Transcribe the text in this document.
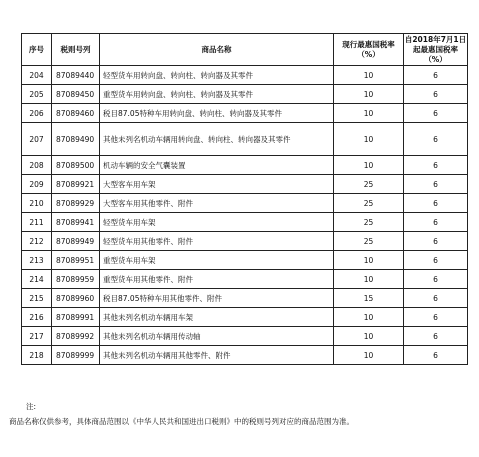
序号	税则号列	商品名称	现行最惠国税率（%）	自2018年7月1日起最惠国税率（%）
204	87089440	轻型货车用转向盘、转向柱、转向器及其零件	10	6
205	87089450	重型货车用转向盘、转向柱、转向器及其零件	10	6
206	87089460	税目87.05特种车用转向盘、转向柱、转向器及其零件	10	6
207	87089490	其他未列名机动车辆用转向盘、转向柱、转向器及其零件	10	6
208	87089500	机动车辆的安全气囊装置	10	6
209	87089921	大型客车用车架	25	6
210	87089929	大型客车用其他零件、附件	25	6
211	87089941	轻型货车用车架	25	6
212	87089949	轻型货车用其他零件、附件	25	6
213	87089951	重型货车用车架	10	6
214	87089959	重型货车用其他零件、附件	10	6
215	87089960	税目87.05特种车用其他零件、附件	15	6
216	87089991	其他未列名机动车辆用车架	10	6
217	87089992	其他未列名机动车辆用传动轴	10	6
218	87089999	其他未列名机动车辆用其他零件、附件	10	6
注:
商品名称仅供参考，具体商品范围以《中华人民共和国进出口税则》中的税则号列对应的商品范围为准。
